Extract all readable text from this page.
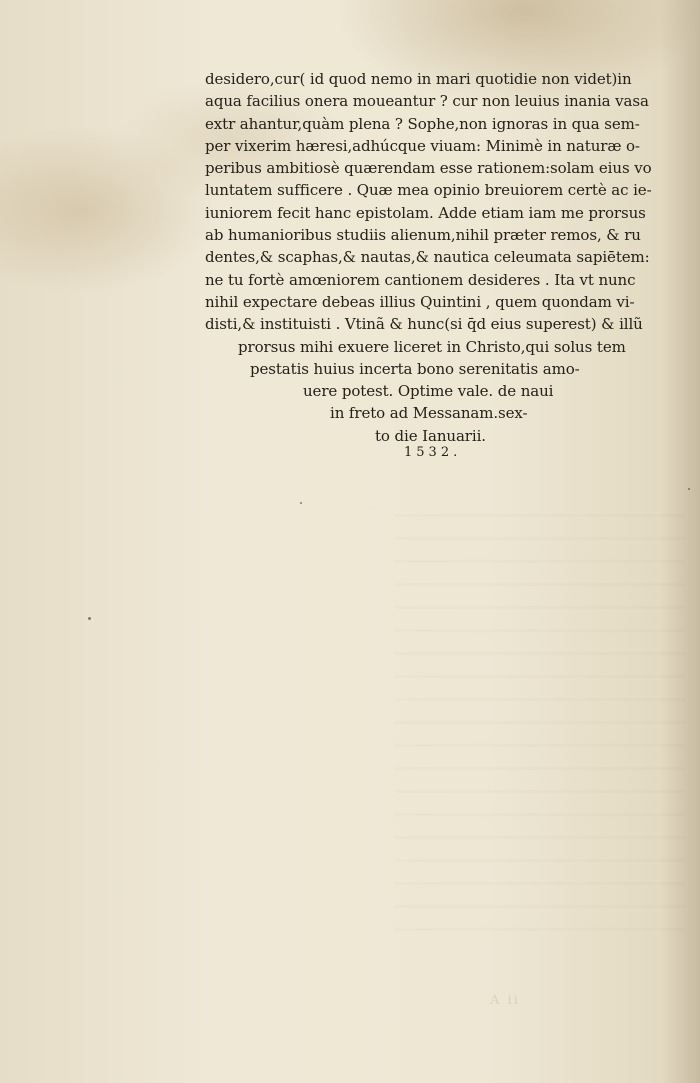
desidero,cur( id quod nemo in mari quotidie non videt)in
aqua facilius onera moueantur ? cur non leuius inania vasa
extr ahantur,quàm plena ? Sophe,non ignoras in qua sem-
per vixerim hæresi,adhúcque viuam: Minimè in naturæ o-
peribus ambitiosè quærendam esse rationem:solam eius vo
luntatem sufficere . Quæ mea opinio breuiorem certè ac ie-
iuniorem fecit hanc epistolam. Adde etiam iam me prorsus
ab humanioribus studiis alienum,nihil præter remos, & ru
dentes,& scaphas,& nautas,& nautica celeumata sapiētem:
ne tu fortè amœniorem cantionem desideres . Ita vt nunc
nihil expectare debeas illius Quintini , quem quondam vi-
disti,& instituisti . Vtinã & hunc(si q̄d eius superest) & illũ
prorsus mihi exuere liceret in Christo,qui solus tem
pestatis huius incerta bono serenitatis amo-
uere potest. Optime vale. de naui
in freto ad Messanam.sex-
to die Ianuarii.
1532.
A ii
